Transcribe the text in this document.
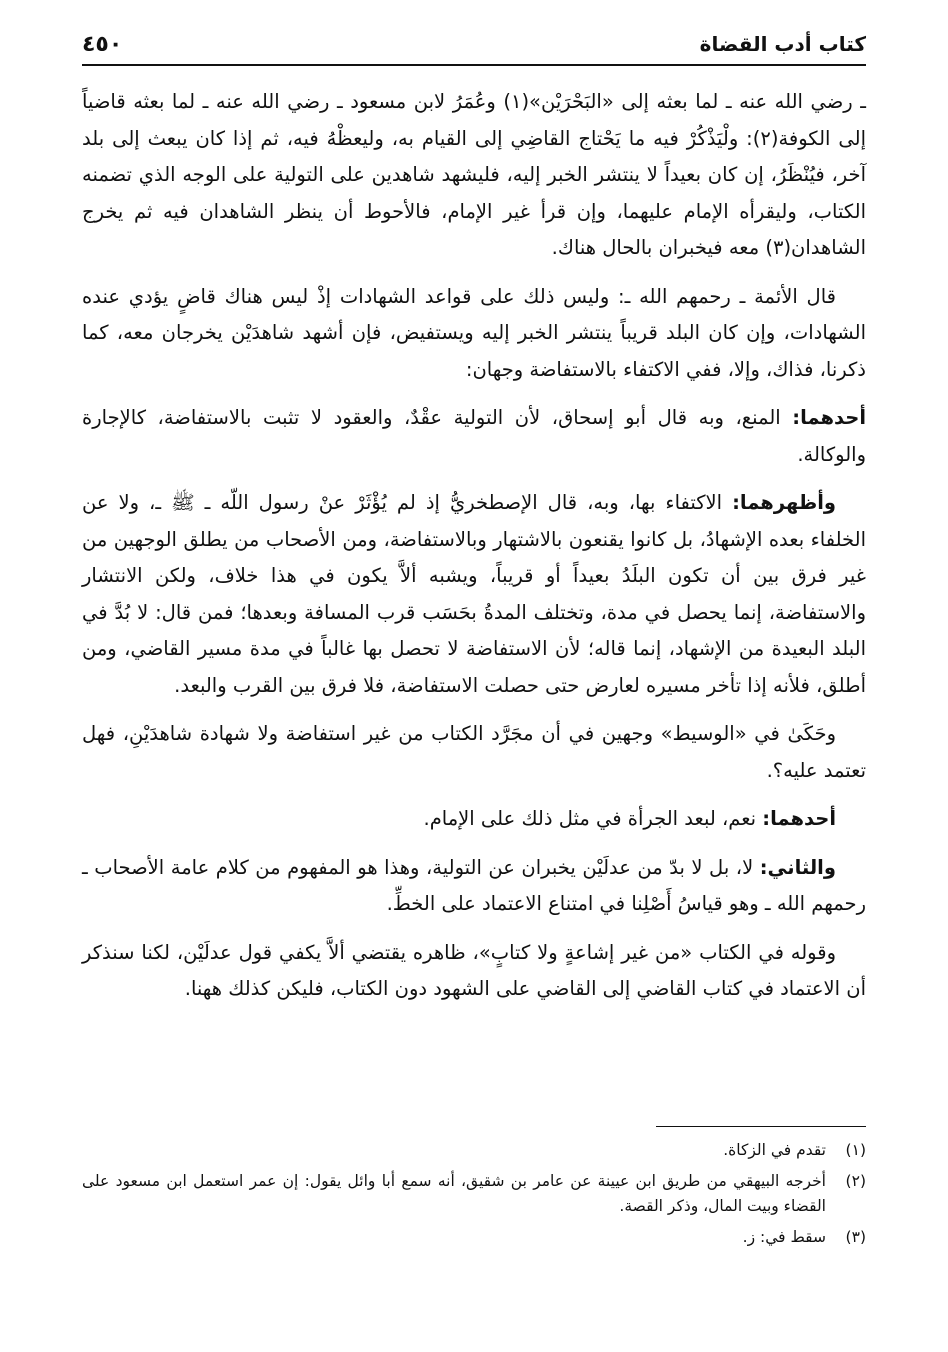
كتاب أدب القضاة
٤٥٠

ـ رضي الله عنه ـ لما بعثه إلى «البَحْرَيْن»(١) وعُمَرُ لابن مسعود ـ رضي الله عنه ـ لما بعثه قاضياً إلى الكوفة(٢): ولْيَذْكُرْ فيه ما يَحْتاج القاضِي إلى القيام به، وليعظْهُ فيه، ثم إذا كان يبعث إلى بلد آخر، فيُنْظَرُ، إن كان بعيداً لا ينتشر الخبر إليه، فليشهد شاهدين على التولية على الوجه الذي تضمنه الكتاب، وليقرأه الإمام عليهما، وإن قرأ غير الإمام، فالأحوط أن ينظر الشاهدان فيه ثم يخرج الشاهدان(٣) معه فيخبران بالحال هناك.

قال الأئمة ـ رحمهم الله ـ: وليس ذلك على قواعد الشهادات إذْ ليس هناك قاضٍ يؤدي عنده الشهادات، وإن كان البلد قريباً ينتشر الخبر إليه ويستفيض، فإن أشهد شاهدَيْن يخرجان معه، كما ذكرنا، فذاك، وإلا، ففي الاكتفاء بالاستفاضة وجهان:

أحدهما: المنع، وبه قال أبو إسحاق، لأن التولية عقْدٌ، والعقود لا تثبت بالاستفاضة، كالإجارة والوكالة.

وأظهرهما: الاكتفاء بها، وبه، قال الإصطخريُّ إذ لم يُؤْثَرْ عنْ رسول اللّه ـ ﷺ ـ، ولا عن الخلفاء بعده الإشهادُ، بل كانوا يقنعون بالاشتهار وبالاستفاضة، ومن الأصحاب من يطلق الوجهين من غير فرق بين أن تكون البلَدُ بعيداً أو قريباً، ويشبه ألاَّ يكون في هذا خلاف، ولكن الانتشار والاستفاضة، إنما يحصل في مدة، وتختلف المدةُ بحَسَب قرب المسافة وبعدها؛ فمن قال: لا بُدَّ في البلد البعيدة من الإشهاد، إنما قاله؛ لأن الاستفاضة لا تحصل بها غالباً في مدة مسير القاضي، ومن أطلق، فلأنه إذا تأخر مسيره لعارض حتى حصلت الاستفاضة، فلا فرق بين القرب والبعد.

وحَكَىٰ في «الوسيط» وجهين في أن مجَرَّد الكتاب من غير استفاضة ولا شهادة شاهدَيْنِ، فهل تعتمد عليه؟.

أحدهما: نعم، لبعد الجرأة في مثل ذلك على الإمام.

والثاني: لا، بل لا بدّ من عدلَيْن يخبران عن التولية، وهذا هو المفهوم من كلام عامة الأصحاب ـ رحمهم الله ـ وهو قياسُ أَصْلِنا في امتناع الاعتماد على الخطِّ.

وقوله في الكتاب «من غير إشاعةٍ ولا كتابٍ»، ظاهره يقتضي ألاَّ يكفي قول عدلَيْن، لكنا سنذكر أن الاعتماد في كتاب القاضي إلى القاضي على الشهود دون الكتاب، فليكن كذلك ههنا.

(١)
تقدم في الزكاة.
(٢)
أخرجه البيهقي من طريق ابن عيينة عن عامر بن شقيق، أنه سمع أبا وائل يقول: إن عمر استعمل ابن مسعود على القضاء وبيت المال، وذكر القصة.
(٣)
سقط في: ز.
